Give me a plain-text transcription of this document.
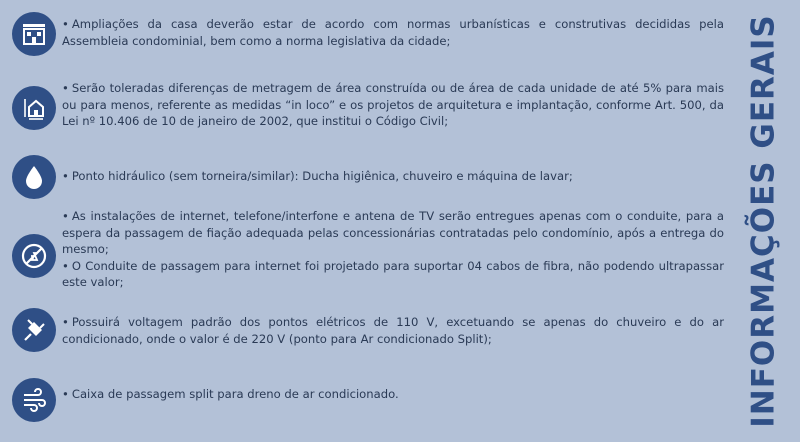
• Ampliações da casa deverão estar de acordo com normas urbanísticas e construtivas decididas pela Assembleia condominial, bem como a norma legislativa da cidade;

• Serão toleradas diferenças de metragem de área construída ou de área de cada unidade de até 5% para mais ou para menos, referente as medidas “in loco” e os projetos de arquitetura e implantação, conforme Art. 500, da Lei nº 10.406 de 10 de janeiro de 2002, que institui o Código Civil;

• Ponto hidráulico (sem torneira/similar): Ducha higiênica, chuveiro e máquina de lavar;

• As instalações de internet, telefone/interfone e antena de TV serão entregues apenas com o conduite, para a espera da passagem de fiação adequada pelas concessionárias contratadas pelo condomínio, após a entrega do mesmo;

• O Conduite de passagem para internet foi projetado para suportar 04 cabos de fibra, não podendo ultrapassar este valor;

• Possuirá voltagem padrão dos pontos elétricos de 110 V, excetuando se apenas do chuveiro e do ar condicionado, onde o valor é de 220 V (ponto para Ar condicionado Split);

• Caixa de passagem split para dreno de ar condicionado.	INFORMAÇÕES GERAIS
